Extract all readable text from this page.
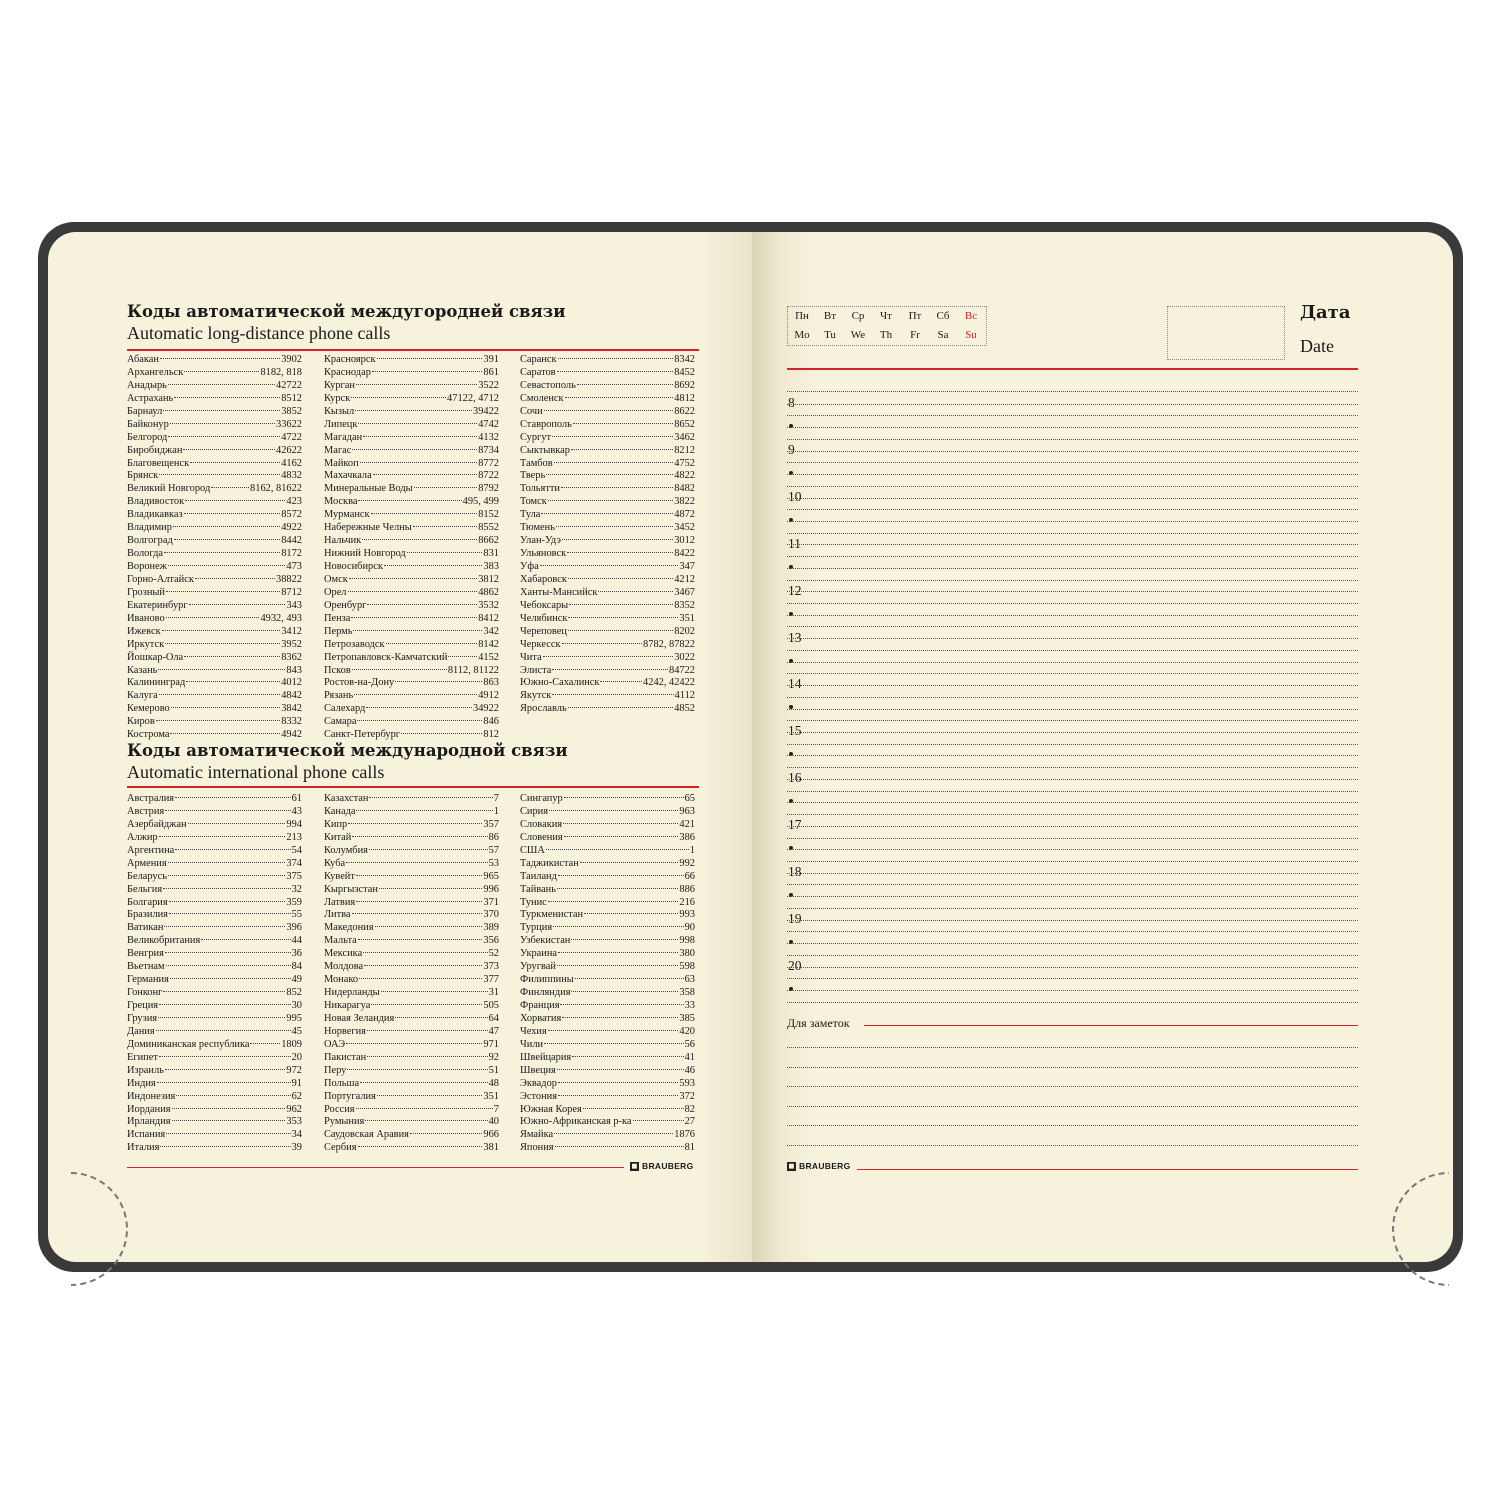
Коды автоматической междугородней связи
Automatic long-distance phone calls
Абакан	3902
Архангельск	8182, 818
Анадырь	42722
Астрахань	8512
Барнаул	3852
Байконур	33622
Белгород	4722
Биробиджан	42622
Благовещенск	4162
Брянск	4832
Великий Новгород	8162, 81622
Владивосток	423
Владикавказ	8572
Владимир	4922
Волгоград	8442
Вологда	8172
Воронеж	473
Горно-Алтайск	38822
Грозный	8712
Екатеринбург	343
Иваново	4932, 493
Ижевск	3412
Иркутск	3952
Йошкар-Ола	8362
Казань	843
Калининград	4012
Калуга	4842
Кемерово	3842
Киров	8332
Кострома	4942
Красноярск	391
Краснодар	861
Курган	3522
Курск	47122, 4712
Кызыл	39422
Липецк	4742
Магадан	4132
Магас	8734
Майкоп	8772
Махачкала	8722
Минеральные Воды	8792
Москва	495, 499
Мурманск	8152
Набережные Челны	8552
Нальчик	8662
Нижний Новгород	831
Новосибирск	383
Омск	3812
Орел	4862
Оренбург	3532
Пенза	8412
Пермь	342
Петрозаводск	8142
Петропавловск-Камчатский	4152
Псков	8112, 81122
Ростов-на-Дону	863
Рязань	4912
Салехард	34922
Самара	846
Санкт-Петербург	812
Саранск	8342
Саратов	8452
Севастополь	8692
Смоленск	4812
Сочи	8622
Ставрополь	8652
Сургут	3462
Сыктывкар	8212
Тамбов	4752
Тверь	4822
Тольятти	8482
Томск	3822
Тула	4872
Тюмень	3452
Улан-Удэ	3012
Ульяновск	8422
Уфа	347
Хабаровск	4212
Ханты-Мансийск	3467
Чебоксары	8352
Челябинск	351
Череповец	8202
Черкесск	8782, 87822
Чита	3022
Элиста	84722
Южно-Сахалинск	4242, 42422
Якутск	4112
Ярославль	4852
Коды автоматической международной связи
Automatic international phone calls
Австралия	61
Австрия	43
Азербайджан	994
Алжир	213
Аргентина	54
Армения	374
Беларусь	375
Бельгия	32
Болгария	359
Бразилия	55
Ватикан	396
Великобритания	44
Венгрия	36
Вьетнам	84
Германия	49
Гонконг	852
Греция	30
Грузия	995
Дания	45
Доминиканская республика	1809
Египет	20
Израиль	972
Индия	91
Индонезия	62
Иордания	962
Ирландия	353
Испания	34
Италия	39
Казахстан	7
Канада	1
Кипр	357
Китай	86
Колумбия	57
Куба	53
Кувейт	965
Кыргызстан	996
Латвия	371
Литва	370
Македония	389
Мальта	356
Мексика	52
Молдова	373
Монако	377
Нидерланды	31
Никарагуа	505
Новая Зеландия	64
Норвегия	47
ОАЭ	971
Пакистан	92
Перу	51
Польша	48
Португалия	351
Россия	7
Румыния	40
Саудовская Аравия	966
Сербия	381
Сингапур	65
Сирия	963
Словакия	421
Словения	386
США	1
Таджикистан	992
Таиланд	66
Тайвань	886
Тунис	216
Туркменистан	993
Турция	90
Узбекистан	998
Украина	380
Уругвай	598
Филиппины	63
Финляндия	358
Франция	33
Хорватия	385
Чехия	420
Чили	56
Швейцария	41
Швеция	46
Эквадор	593
Эстония	372
Южная Корея	82
Южно-Африканская р-ка	27
Ямайка	1876
Япония	81
◼ BRAUBERG
Пн	Вт	Ср	Чт	Пт	Сб	Вс
Mo	Tu	We	Th	Fr	Sa	Su
Дата
Date
8
9
10
11
12
13
14
15
16
17
18
19
20
Для заметок
◼ BRAUBERG
